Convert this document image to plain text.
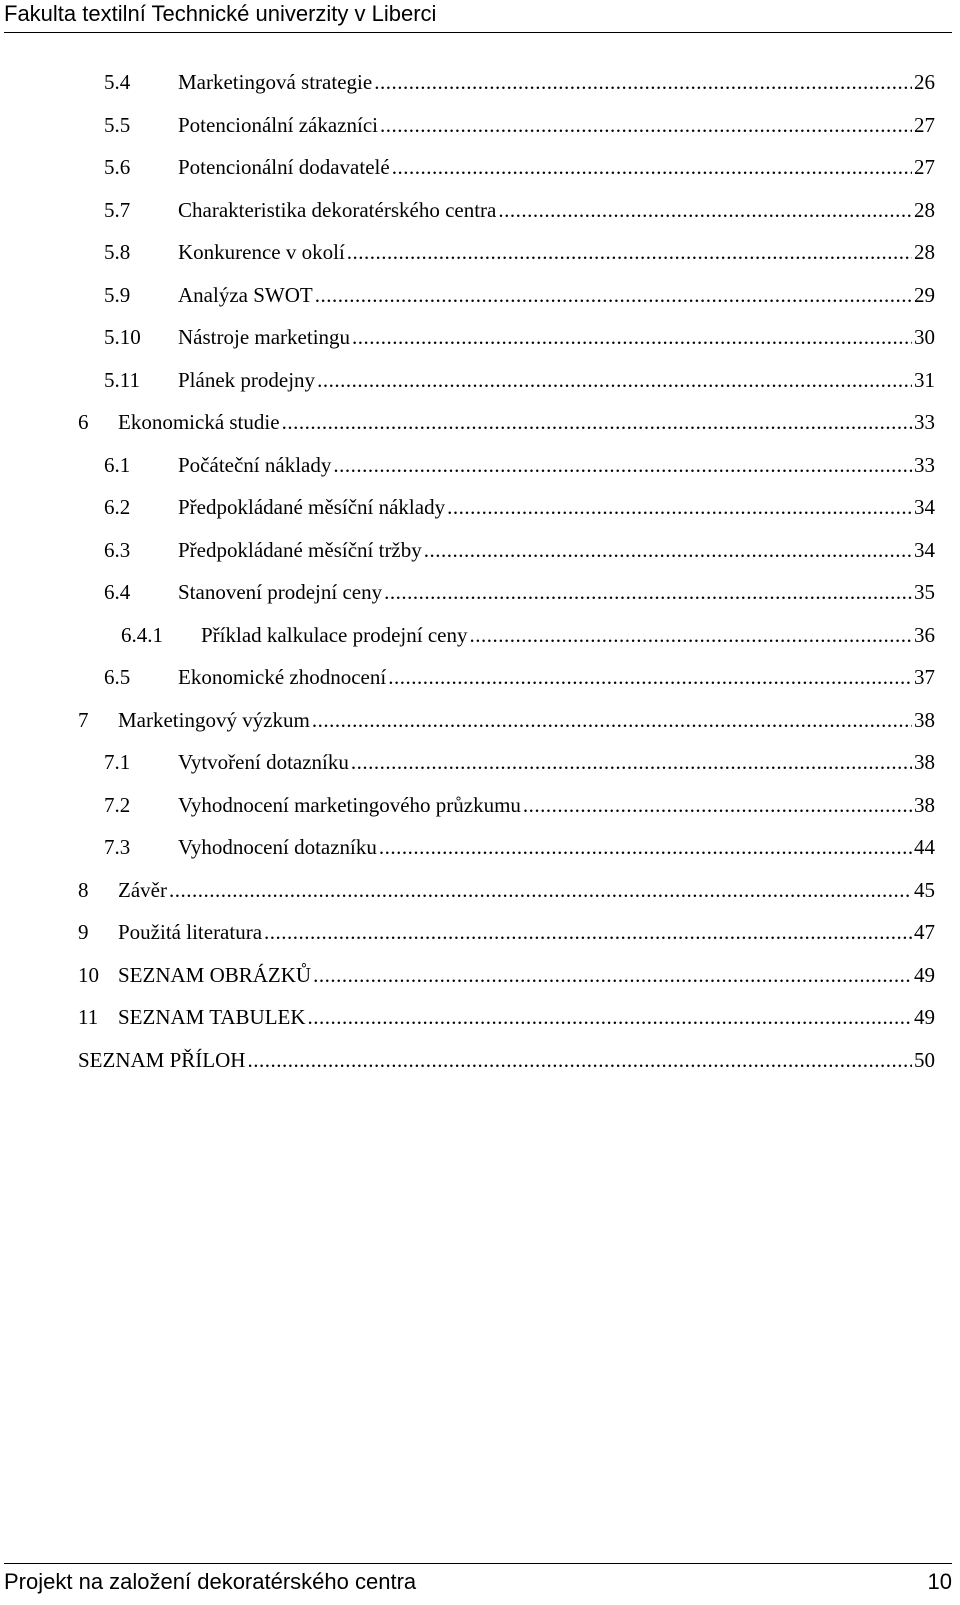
Fakulta textilní Technické univerzity v Liberci
5.4	Marketingová strategie .....	26
5.5	Potencionální zákazníci .....	27
5.6	Potencionální dodavatelé .....	27
5.7	Charakteristika dekoratérského centra .....	28
5.8	Konkurence v okolí .....	28
5.9	Analýza SWOT .....	29
5.10	Nástroje marketingu .....	30
5.11	Plánek prodejny .....	31
6	Ekonomická studie .....	33
6.1	Počáteční náklady .....	33
6.2	Předpokládané měsíční náklady .....	34
6.3	Předpokládané měsíční tržby .....	34
6.4	Stanovení prodejní ceny .....	35
6.4.1	Příklad kalkulace prodejní ceny .....	36
6.5	Ekonomické zhodnocení .....	37
7	Marketingový výzkum .....	38
7.1	Vytvoření dotazníku .....	38
7.2	Vyhodnocení marketingového průzkumu .....	38
7.3	Vyhodnocení dotazníku .....	44
8	Závěr .....	45
9	Použitá literatura .....	47
10 SEZNAM OBRÁZKŮ .....	49
11 SEZNAM TABULEK .....	49
SEZNAM PŘÍLOH .....	50
Projekt na založení dekoratérského centra	10
